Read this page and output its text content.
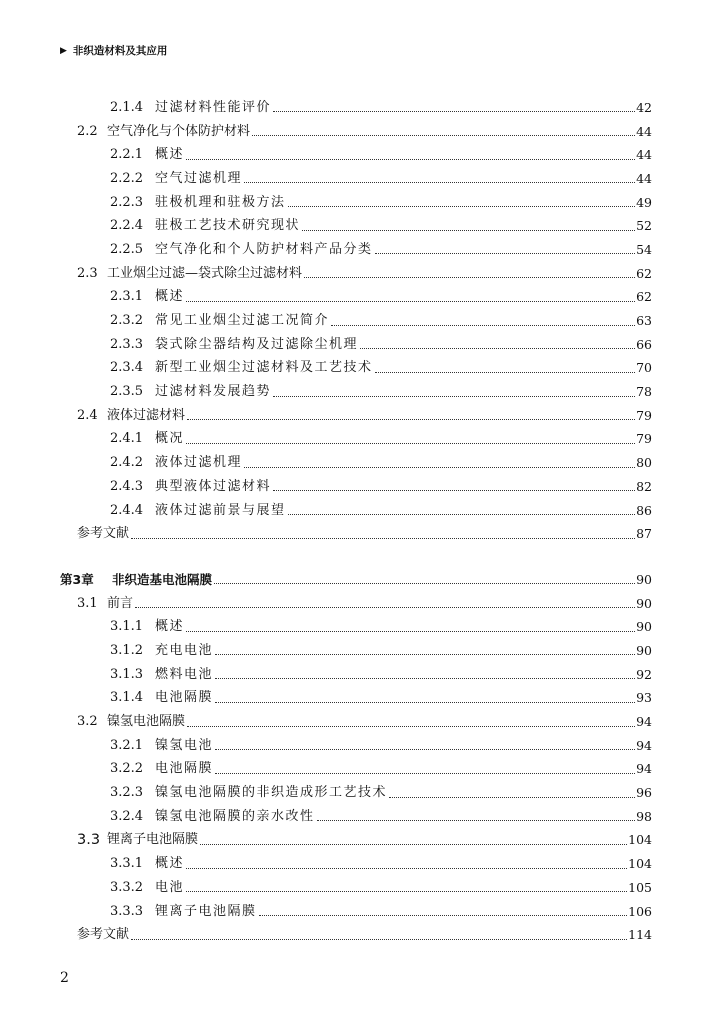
▶ 非织造材料及其应用
2.1.4 过滤材料性能评价	42
2.2 空气净化与个体防护材料	44
2.2.1 概述	44
2.2.2 空气过滤机理	44
2.2.3 驻极机理和驻极方法	49
2.2.4 驻极工艺技术研究现状	52
2.2.5 空气净化和个人防护材料产品分类	54
2.3 工业烟尘过滤—袋式除尘过滤材料	62
2.3.1 概述	62
2.3.2 常见工业烟尘过滤工况简介	63
2.3.3 袋式除尘器结构及过滤除尘机理	66
2.3.4 新型工业烟尘过滤材料及工艺技术	70
2.3.5 过滤材料发展趋势	78
2.4 液体过滤材料	79
2.4.1 概况	79
2.4.2 液体过滤机理	80
2.4.3 典型液体过滤材料	82
2.4.4 液体过滤前景与展望	86
参考文献	87
第3章	非织造基电池隔膜	90
3.1 前言	90
3.1.1 概述	90
3.1.2 充电电池	90
3.1.3 燃料电池	92
3.1.4 电池隔膜	93
3.2 镍氢电池隔膜	94
3.2.1 镍氢电池	94
3.2.2 电池隔膜	94
3.2.3 镍氢电池隔膜的非织造成形工艺技术	96
3.2.4 镍氢电池隔膜的亲水改性	98
3.3 锂离子电池隔膜	104
3.3.1 概述	104
3.3.2 电池	105
3.3.3 锂离子电池隔膜	106
参考文献	114
2
